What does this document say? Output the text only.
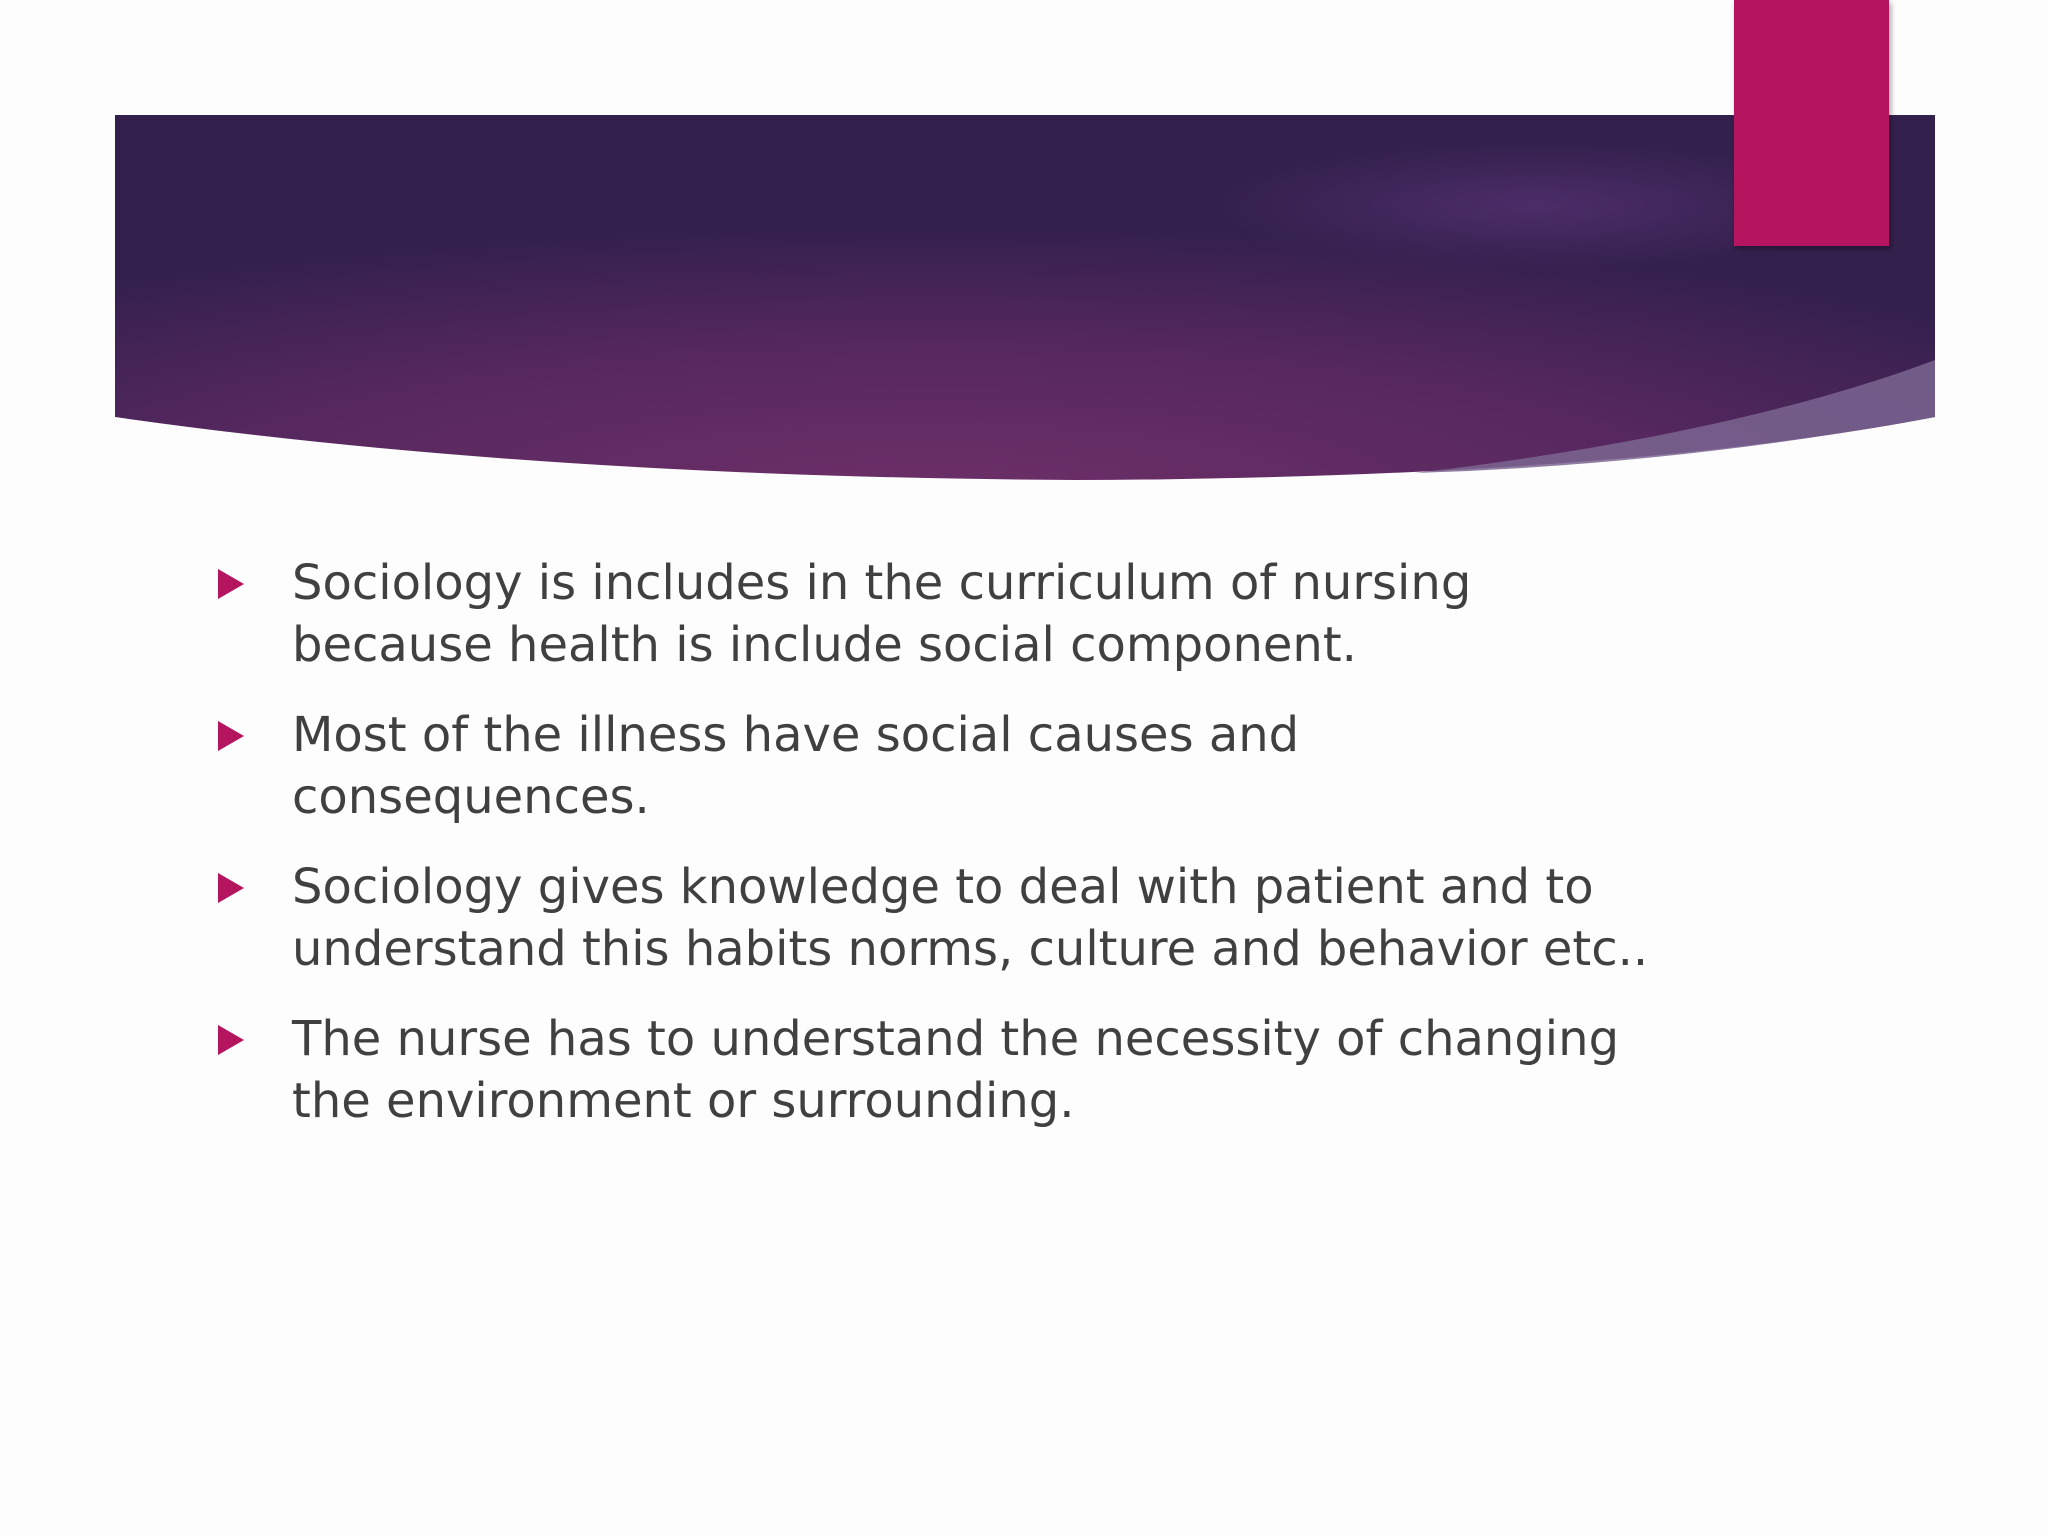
Sociology is includes in the curriculum of nursing because health is include social component.
Most of the illness have social causes and consequences.
Sociology gives knowledge to deal with patient and to understand this habits norms, culture and behavior etc..
The nurse has to understand the necessity of changing the environment or surrounding.
